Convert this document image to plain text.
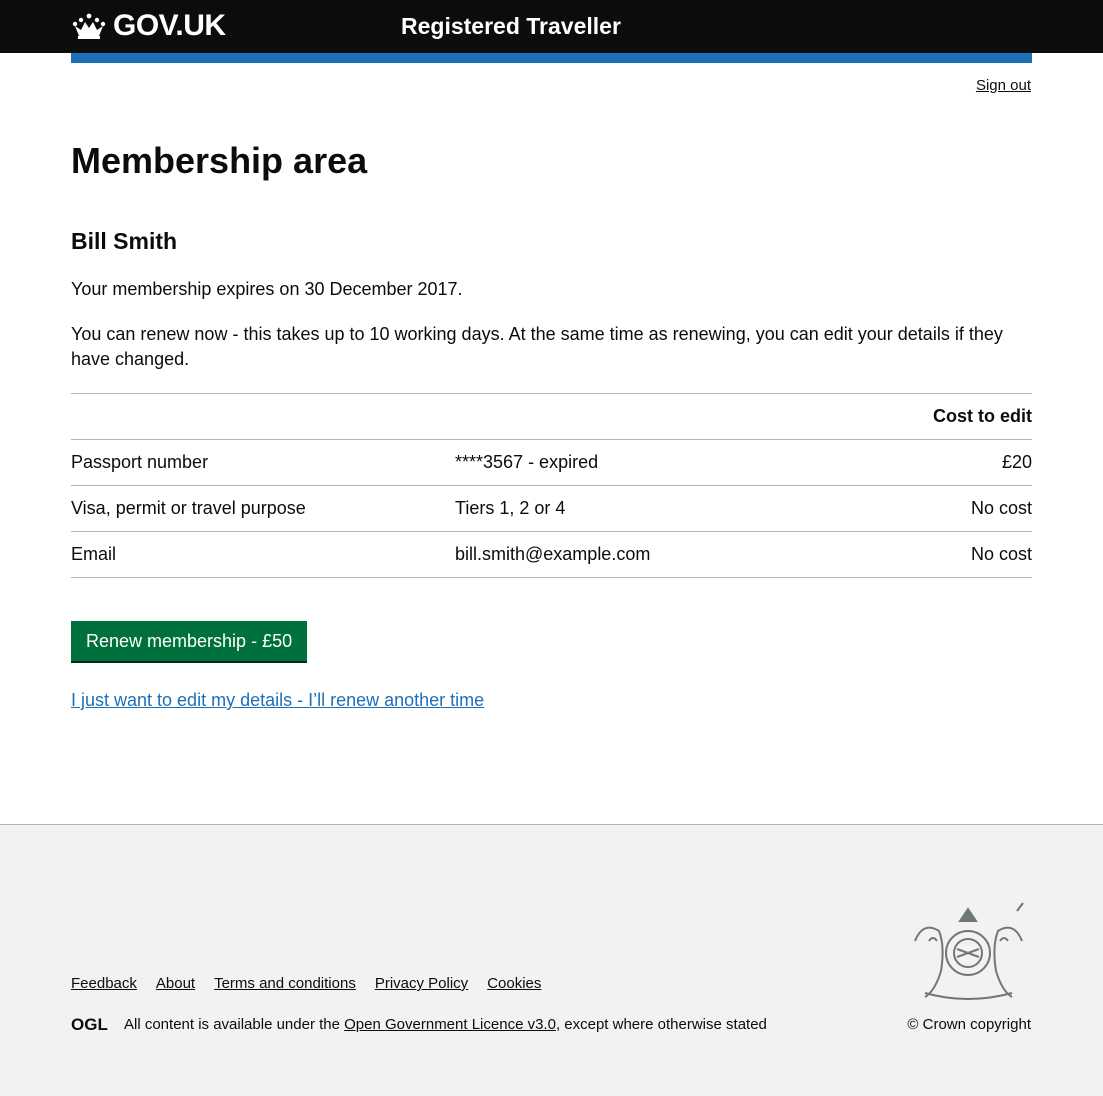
GOV.UK	Registered Traveller
Sign out
Membership area
Bill Smith

Your membership expires on 30 December 2017.

You can renew now - this takes up to 10 working days. At the same time as renewing, you can edit your details if they have changed.

		Cost to edit
Passport number	****3567 - expired	£20
Visa, permit or travel purpose	Tiers 1, 2 or 4	No cost
Email	bill.smith@example.com	No cost
Renew membership - £50
I just want to edit my details - I’ll renew another time
Feedback About Terms and conditions Privacy Policy Cookies
OGL All content is available under the Open Government Licence v3.0, except where otherwise stated	© Crown copyright
